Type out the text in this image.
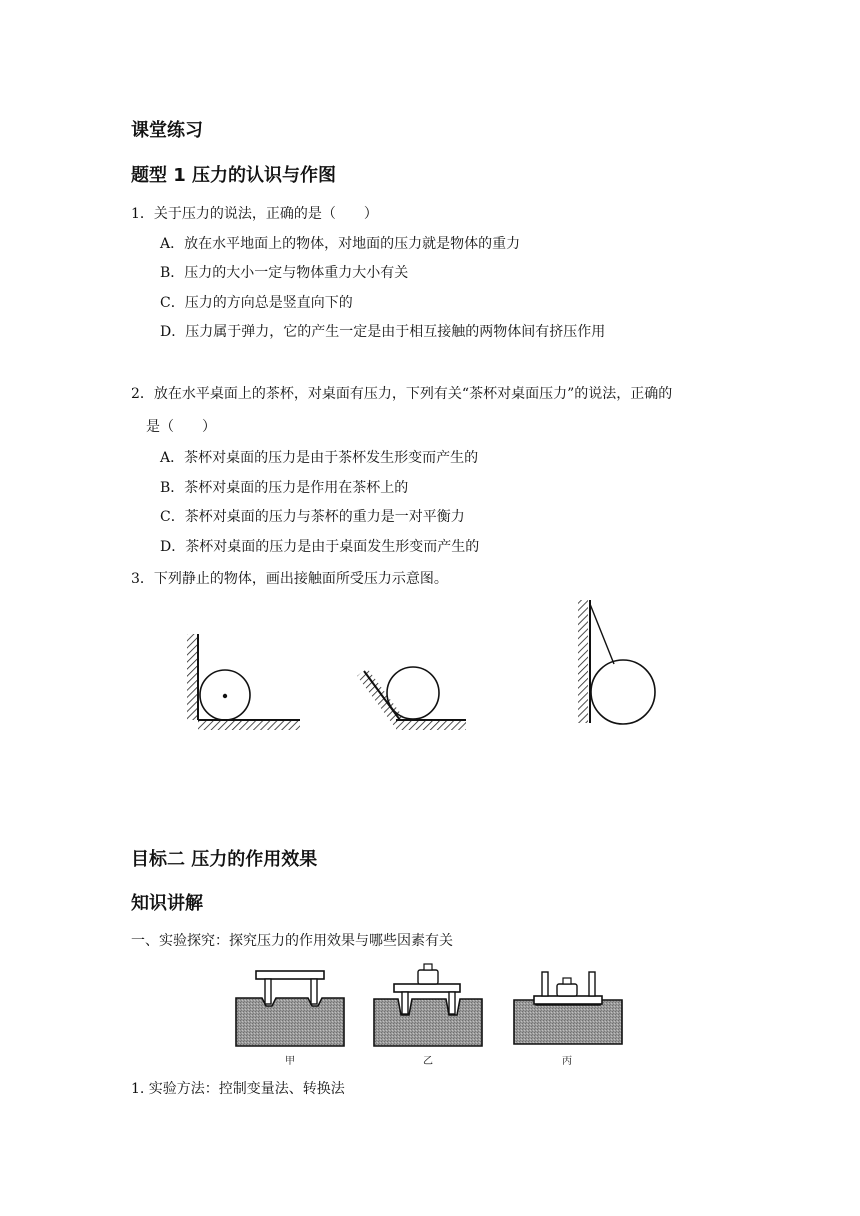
课堂练习
题型 1 压力的认识与作图
1．关于压力的说法，正确的是（　　）
A．放在水平地面上的物体，对地面的压力就是物体的重力
B．压力的大小一定与物体重力大小有关
C．压力的方向总是竖直向下的
D．压力属于弹力，它的产生一定是由于相互接触的两物体间有挤压作用
2．放在水平桌面上的茶杯，对桌面有压力，下列有关“茶杯对桌面压力”的说法，正确的
是（　　）
A．茶杯对桌面的压力是由于茶杯发生形变而产生的
B．茶杯对桌面的压力是作用在茶杯上的
C．茶杯对桌面的压力与茶杯的重力是一对平衡力
D．茶杯对桌面的压力是由于桌面发生形变而产生的
3．下列静止的物体，画出接触面所受压力示意图。
目标二 压力的作用效果
知识讲解
一、实验探究：探究压力的作用效果与哪些因素有关
甲	乙	丙
1. 实验方法：控制变量法、转换法
